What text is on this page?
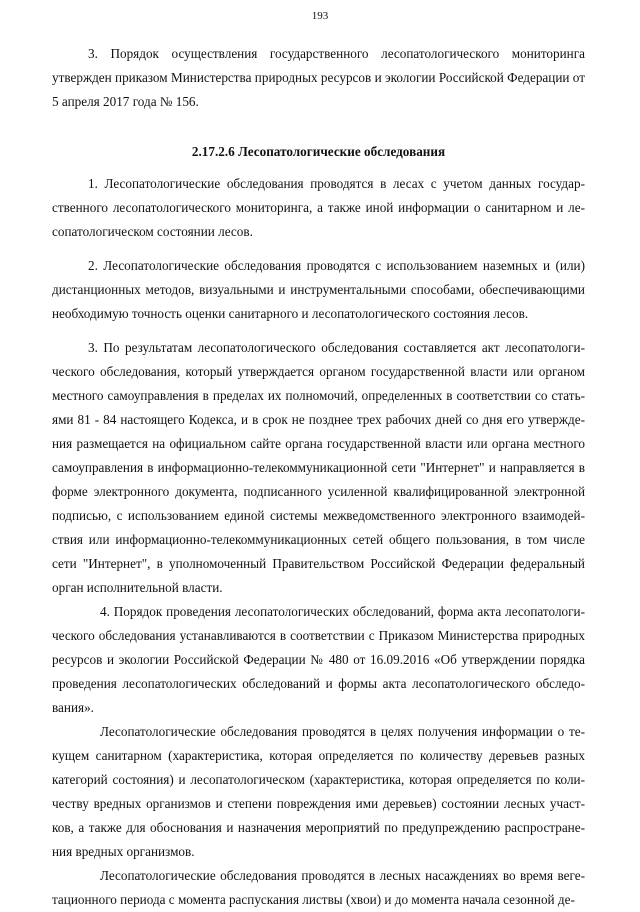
193

3. Порядок осуществления государственного лесопатологического мониторинга утвержден приказом Министерства природных ресурсов и экологии Российской Федерации от 5 апреля 2017 года № 156.

2.17.2.6 Лесопатологические обследования

1. Лесопатологические обследования проводятся в лесах с учетом данных государственного лесопатологического мониторинга, а также иной информации о санитарном и лесопатологическом состоянии лесов.

2. Лесопатологические обследования проводятся с использованием наземных и (или) дистанционных методов, визуальными и инструментальными способами, обеспечивающими необходимую точность оценки санитарного и лесопатологического состояния лесов.

3. По результатам лесопатологического обследования составляется акт лесопатологического обследования, который утверждается органом государственной власти или органом местного самоуправления в пределах их полномочий, определенных в соответствии со статьями 81 - 84 настоящего Кодекса, и в срок не позднее трех рабочих дней со дня его утверждения размещается на официальном сайте органа государственной власти или органа местного самоуправления в информационно-телекоммуникационной сети "Интернет" и направляется в форме электронного документа, подписанного усиленной квалифицированной электронной подписью, с использованием единой системы межведомственного электронного взаимодействия или информационно-телекоммуникационных сетей общего пользования, в том числе сети "Интернет", в уполномоченный Правительством Российской Федерации федеральный орган исполнительной власти.

4. Порядок проведения лесопатологических обследований, форма акта лесопатологического обследования устанавливаются в соответствии с Приказом Министерства природных ресурсов и экологии Российской Федерации № 480 от 16.09.2016 «Об утверждении порядка проведения лесопатологических обследований и формы акта лесопатологического обследования».

Лесопатологические обследования проводятся в целях получения информации о текущем санитарном (характеристика, которая определяется по количеству деревьев разных категорий состояния) и лесопатологическом (характеристика, которая определяется по количеству вредных организмов и степени повреждения ими деревьев) состоянии лесных участков, а также для обоснования и назначения мероприятий по предупреждению распространения вредных организмов.

Лесопатологические обследования проводятся в лесных насаждениях во время вегетационного периода с момента распускания листвы (хвои) и до момента начала сезонной де-
